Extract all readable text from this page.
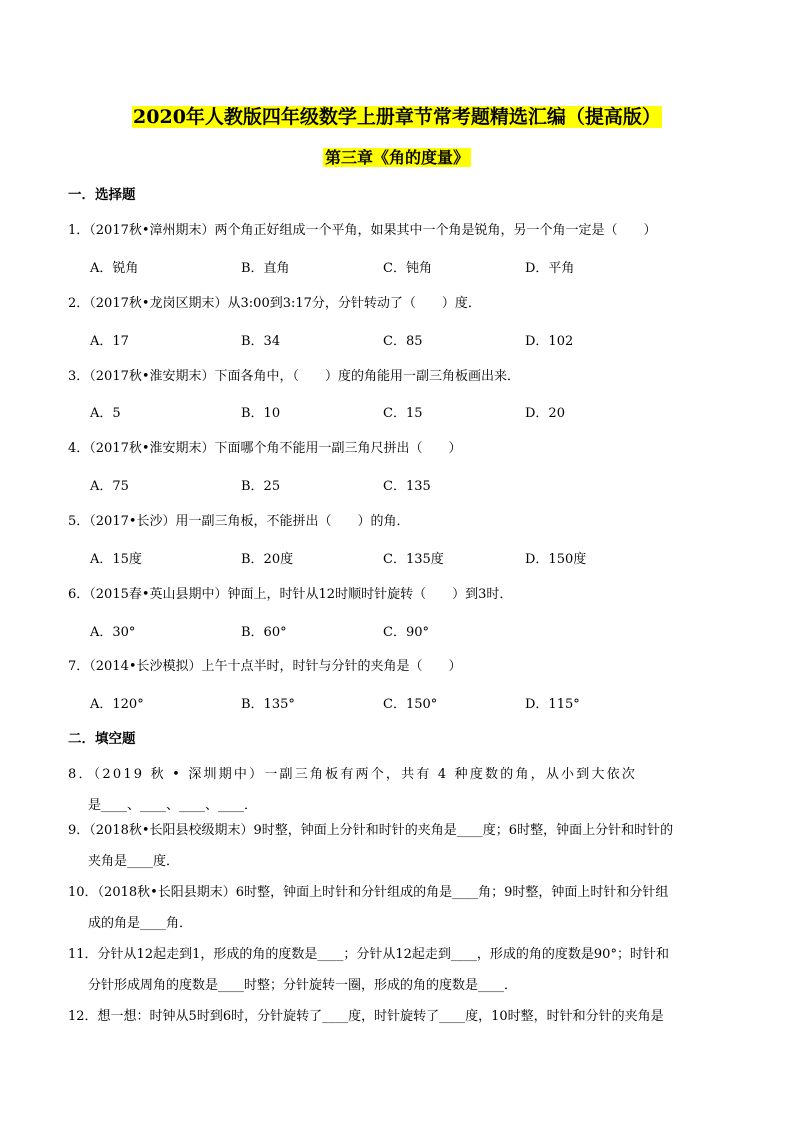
2020年人教版四年级数学上册章节常考题精选汇编（提高版）
第三章《角的度量》
一．选择题
1．（2017秋•漳州期末）两个角正好组成一个平角，如果其中一个角是锐角，另一个角一定是（　　）
A．锐角	B．直角	C．钝角	D．平角
2．（2017秋•龙岗区期末）从3:00到3:17分，分针转动了（　　）度．
A．17	B．34	C．85	D．102
3．（2017秋•淮安期末）下面各角中，（　　）度的角能用一副三角板画出来．
A．5	B．10	C．15	D．20
4．（2017秋•淮安期末）下面哪个角不能用一副三角尺拼出（　　）
A．75	B．25	C．135
5．（2017•长沙）用一副三角板，不能拼出（　　）的角．
A．15度	B．20度	C．135度	D．150度
6．（2015春•英山县期中）钟面上，时针从12时顺时针旋转（　　）到3时．
A．30°	B．60°	C．90°
7．（2014•长沙模拟）上午十点半时，时针与分针的夹角是（　　）
A．120°	B．135°	C．150°	D．115°
二．填空题
8．（2019 秋 • 深圳期中）一副三角板有两个，共有 4 种度数的角，从小到大依次
是____、____、____、____．
9．（2018秋•长阳县校级期末）9时整，钟面上分针和时针的夹角是____度；6时整，钟面上分针和时针的
夹角是____度．
10．（2018秋•长阳县期末）6时整，钟面上时针和分针组成的角是____角；9时整，钟面上时针和分针组
成的角是____角．
11．分针从12起走到1，形成的角的度数是____；分针从12起走到____，形成的角的度数是90°；时针和
分针形成周角的度数是____时整；分针旋转一圈，形成的角的度数是____．
12．想一想：时钟从5时到6时，分针旋转了____度，时针旋转了____度，10时整，时针和分针的夹角是
